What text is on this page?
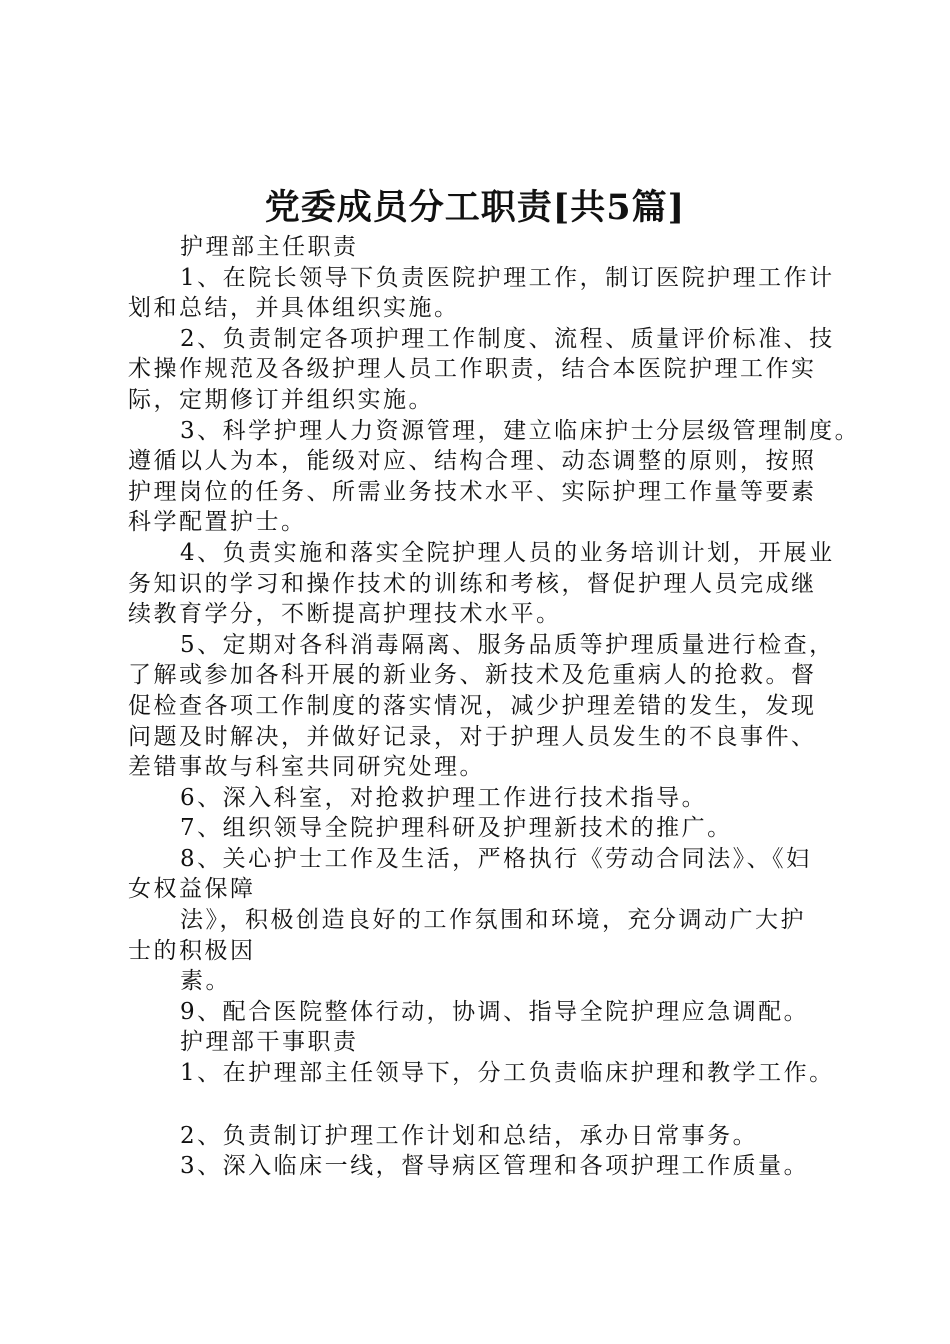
党委成员分工职责[共5篇]
护理部主任职责
1、在院长领导下负责医院护理工作，制订医院护理工作计
划和总结，并具体组织实施。
2、负责制定各项护理工作制度、流程、质量评价标准、技
术操作规范及各级护理人员工作职责，结合本医院护理工作实
际，定期修订并组织实施。
3、科学护理人力资源管理，建立临床护士分层级管理制度。
遵循以人为本，能级对应、结构合理、动态调整的原则，按照
护理岗位的任务、所需业务技术水平、实际护理工作量等要素
科学配置护士。
4、负责实施和落实全院护理人员的业务培训计划，开展业
务知识的学习和操作技术的训练和考核，督促护理人员完成继
续教育学分，不断提高护理技术水平。
5、定期对各科消毒隔离、服务品质等护理质量进行检查，
了解或参加各科开展的新业务、新技术及危重病人的抢救。督
促检查各项工作制度的落实情况，减少护理差错的发生，发现
问题及时解决，并做好记录，对于护理人员发生的不良事件、
差错事故与科室共同研究处理。
6、深入科室，对抢救护理工作进行技术指导。
7、组织领导全院护理科研及护理新技术的推广。
8、关心护士工作及生活，严格执行《劳动合同法》、《妇
女权益保障
法》，积极创造良好的工作氛围和环境，充分调动广大护
士的积极因
素。
9、配合医院整体行动，协调、指导全院护理应急调配。
护理部干事职责
1、在护理部主任领导下，分工负责临床护理和教学工作。
2、负责制订护理工作计划和总结，承办日常事务。
3、深入临床一线，督导病区管理和各项护理工作质量。
